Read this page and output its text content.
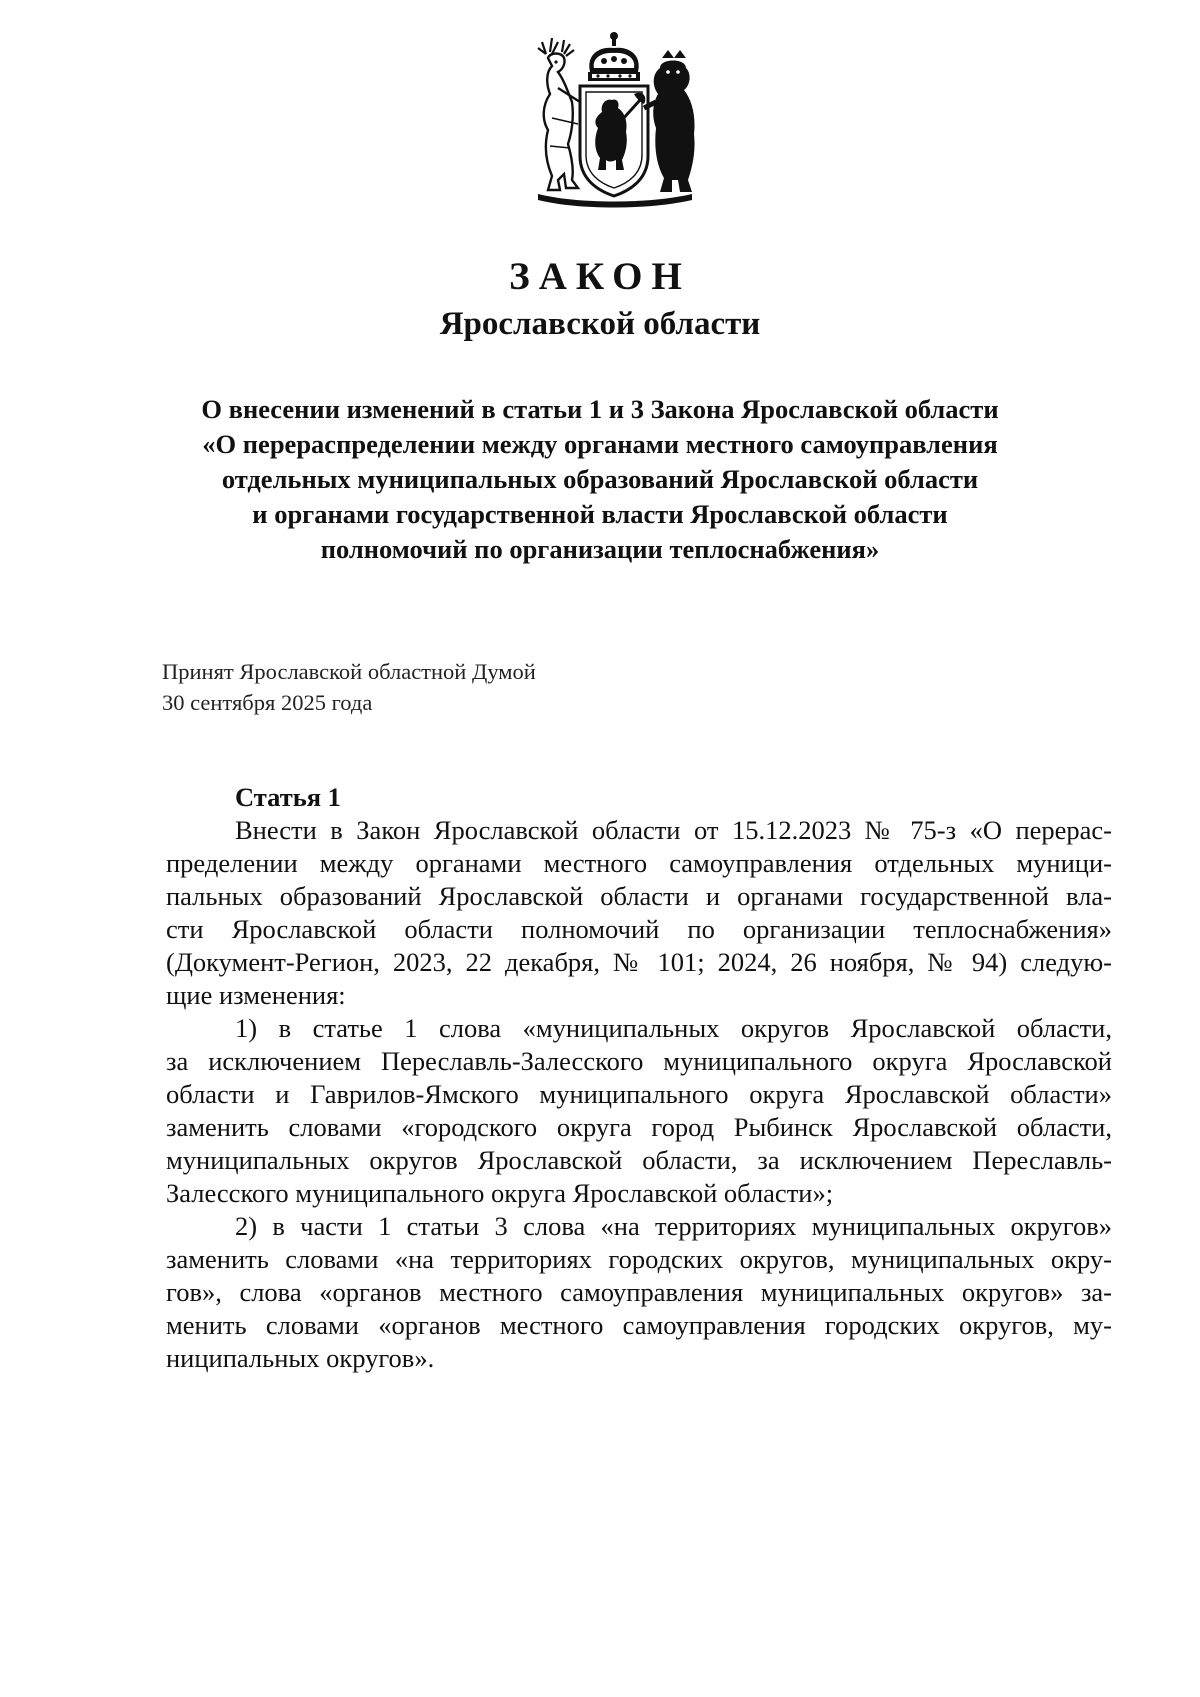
ЗАКОН
Ярославской области
О внесении изменений в статьи 1 и 3 Закона Ярославской области
«О перераспределении между органами местного самоуправления
отдельных муниципальных образований Ярославской области
и органами государственной власти Ярославской области
полномочий по организации теплоснабжения»
Принят Ярославской областной Думой
30 сентября 2025 года

Статья 1

Внести в Закон Ярославской области от 15.12.2023 № 75-з «О перерас-
пределении между органами местного самоуправления отдельных муници-
пальных образований Ярославской области и органами государственной вла-
сти Ярославской области полномочий по организации теплоснабжения»
(Документ-Регион, 2023, 22 декабря, № 101; 2024, 26 ноября, № 94) следую-
щие изменения:
1) в статье 1 слова «муниципальных округов Ярославской области,
за исключением Переславль-Залесского муниципального округа Ярославской
области и Гаврилов-Ямского муниципального округа Ярославской области»
заменить словами «городского округа город Рыбинск Ярославской области,
муниципальных округов Ярославской области, за исключением Переславль-
Залесского муниципального округа Ярославской области»;
2) в части 1 статьи 3 слова «на территориях муниципальных округов»
заменить словами «на территориях городских округов, муниципальных окру-
гов», слова «органов местного самоуправления муниципальных округов» за-
менить словами «органов местного самоуправления городских округов, му-
ниципальных округов».
